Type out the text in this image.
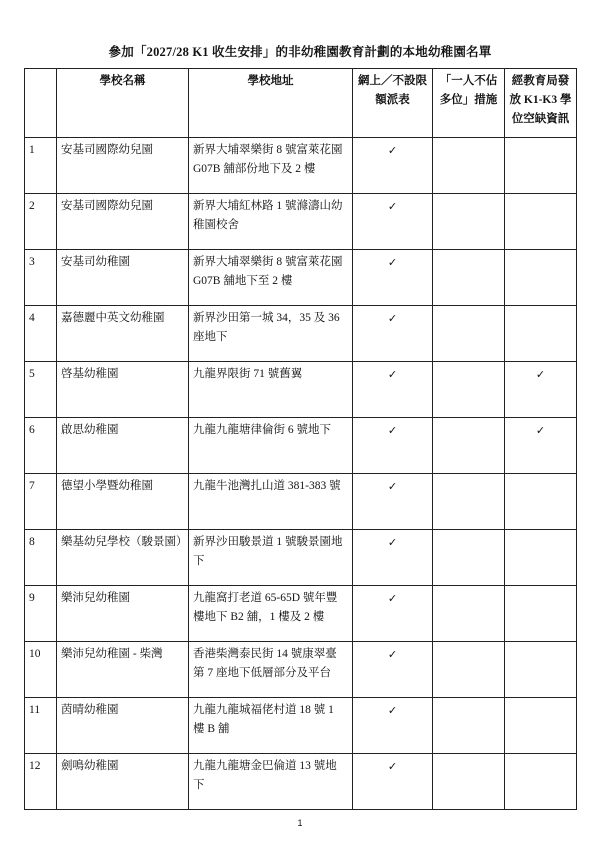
參加「2027/28 K1 收生安排」的非幼稚園教育計劃的本地幼稚園名單
	學校名稱	學校地址	網上／不設限額派表	「一人不佔多位」措施	經教育局發放 K1-K3 學位空缺資訊
1	安基司國際幼兒園	新界大埔翠樂街 8 號富萊花園 G07B 舖部份地下及 2 樓	✓		
2	安基司國際幼兒園	新界大埔紅林路 1 號滌濤山幼稚園校舍	✓		
3	安基司幼稚園	新界大埔翠樂街 8 號富萊花園 G07B 舖地下至 2 樓	✓		
4	嘉德麗中英文幼稚園	新界沙田第一城 34，35 及 36 座地下	✓		
5	啓基幼稚園	九龍界限街 71 號舊翼	✓		✓
6	啟思幼稚園	九龍九龍塘律倫街 6 號地下	✓		✓
7	德望小學暨幼稚園	九龍牛池灣扎山道 381-383 號	✓		
8	樂基幼兒學校（駿景園）	新界沙田駿景道 1 號駿景園地下	✓		
9	樂沛兒幼稚園	九龍窩打老道 65-65D 號年豐樓地下 B2 舖，1 樓及 2 樓	✓		
10	樂沛兒幼稚園 - 柴灣	香港柴灣泰民街 14 號康翠臺第 7 座地下低層部分及平台	✓		
11	茵晴幼稚園	九龍九龍城福佬村道 18 號 1 樓 B 舖	✓		
12	劍鳴幼稚園	九龍九龍塘金巴倫道 13 號地下	✓		
1
